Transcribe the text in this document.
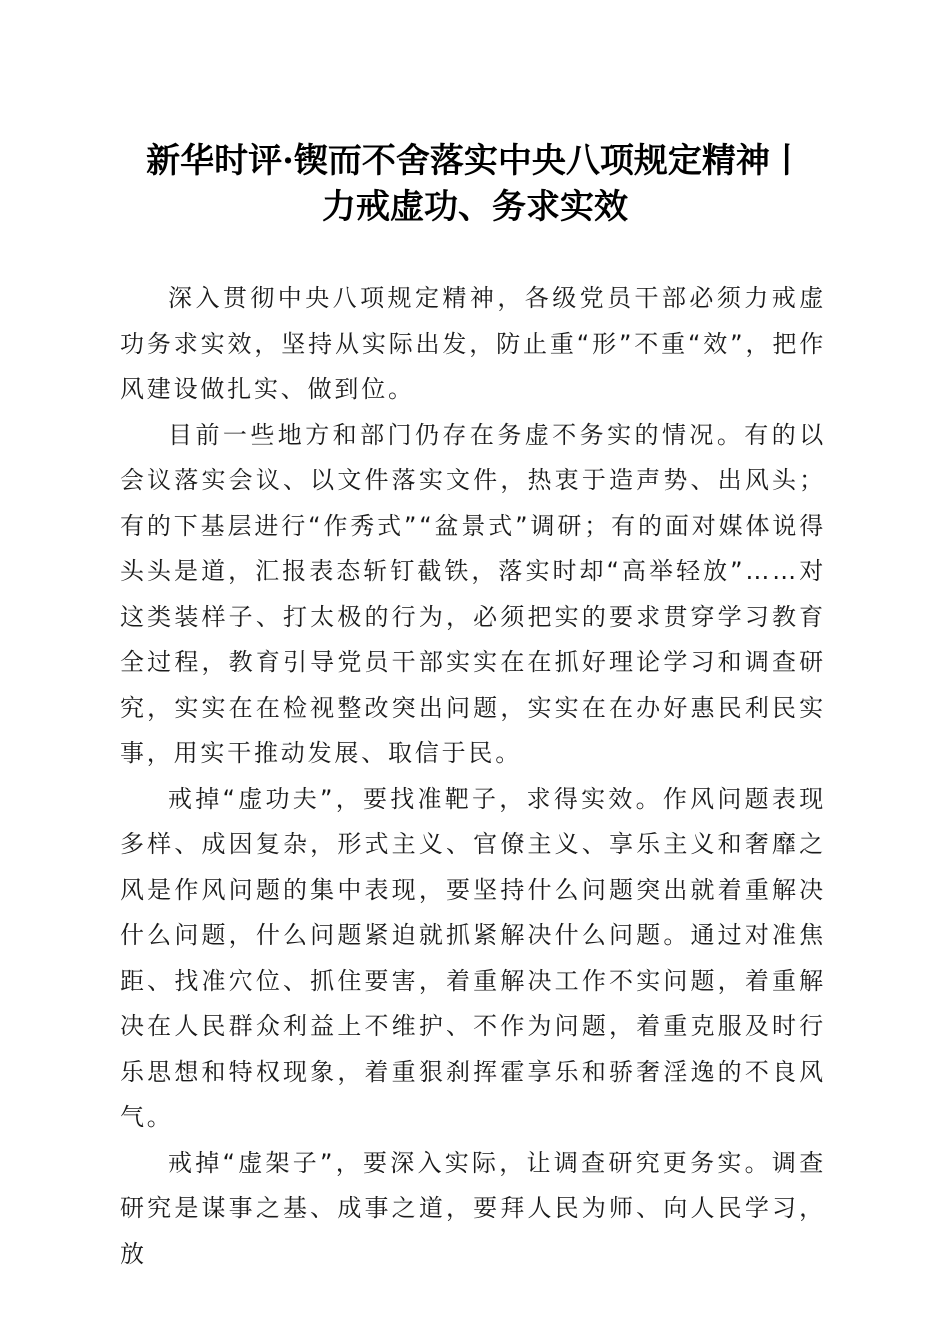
新华时评·锲而不舍落实中央八项规定精神丨
力戒虚功、务求实效

深入贯彻中央八项规定精神，各级党员干部必须力戒虚功务求实效，坚持从实际出发，防止重“形”不重“效”，把作风建设做扎实、做到位。

目前一些地方和部门仍存在务虚不务实的情况。有的以会议落实会议、以文件落实文件，热衷于造声势、出风头；有的下基层进行“作秀式”“盆景式”调研；有的面对媒体说得头头是道，汇报表态斩钉截铁，落实时却“高举轻放”……对这类装样子、打太极的行为，必须把实的要求贯穿学习教育全过程，教育引导党员干部实实在在抓好理论学习和调查研究，实实在在检视整改突出问题，实实在在办好惠民利民实事，用实干推动发展、取信于民。

戒掉“虚功夫”，要找准靶子，求得实效。作风问题表现多样、成因复杂，形式主义、官僚主义、享乐主义和奢靡之风是作风问题的集中表现，要坚持什么问题突出就着重解决什么问题，什么问题紧迫就抓紧解决什么问题。通过对准焦距、找准穴位、抓住要害，着重解决工作不实问题，着重解决在人民群众利益上不维护、不作为问题，着重克服及时行乐思想和特权现象，着重狠刹挥霍享乐和骄奢淫逸的不良风气。

戒掉“虚架子”，要深入实际，让调查研究更务实。调查研究是谋事之基、成事之道，要拜人民为师、向人民学习，放
